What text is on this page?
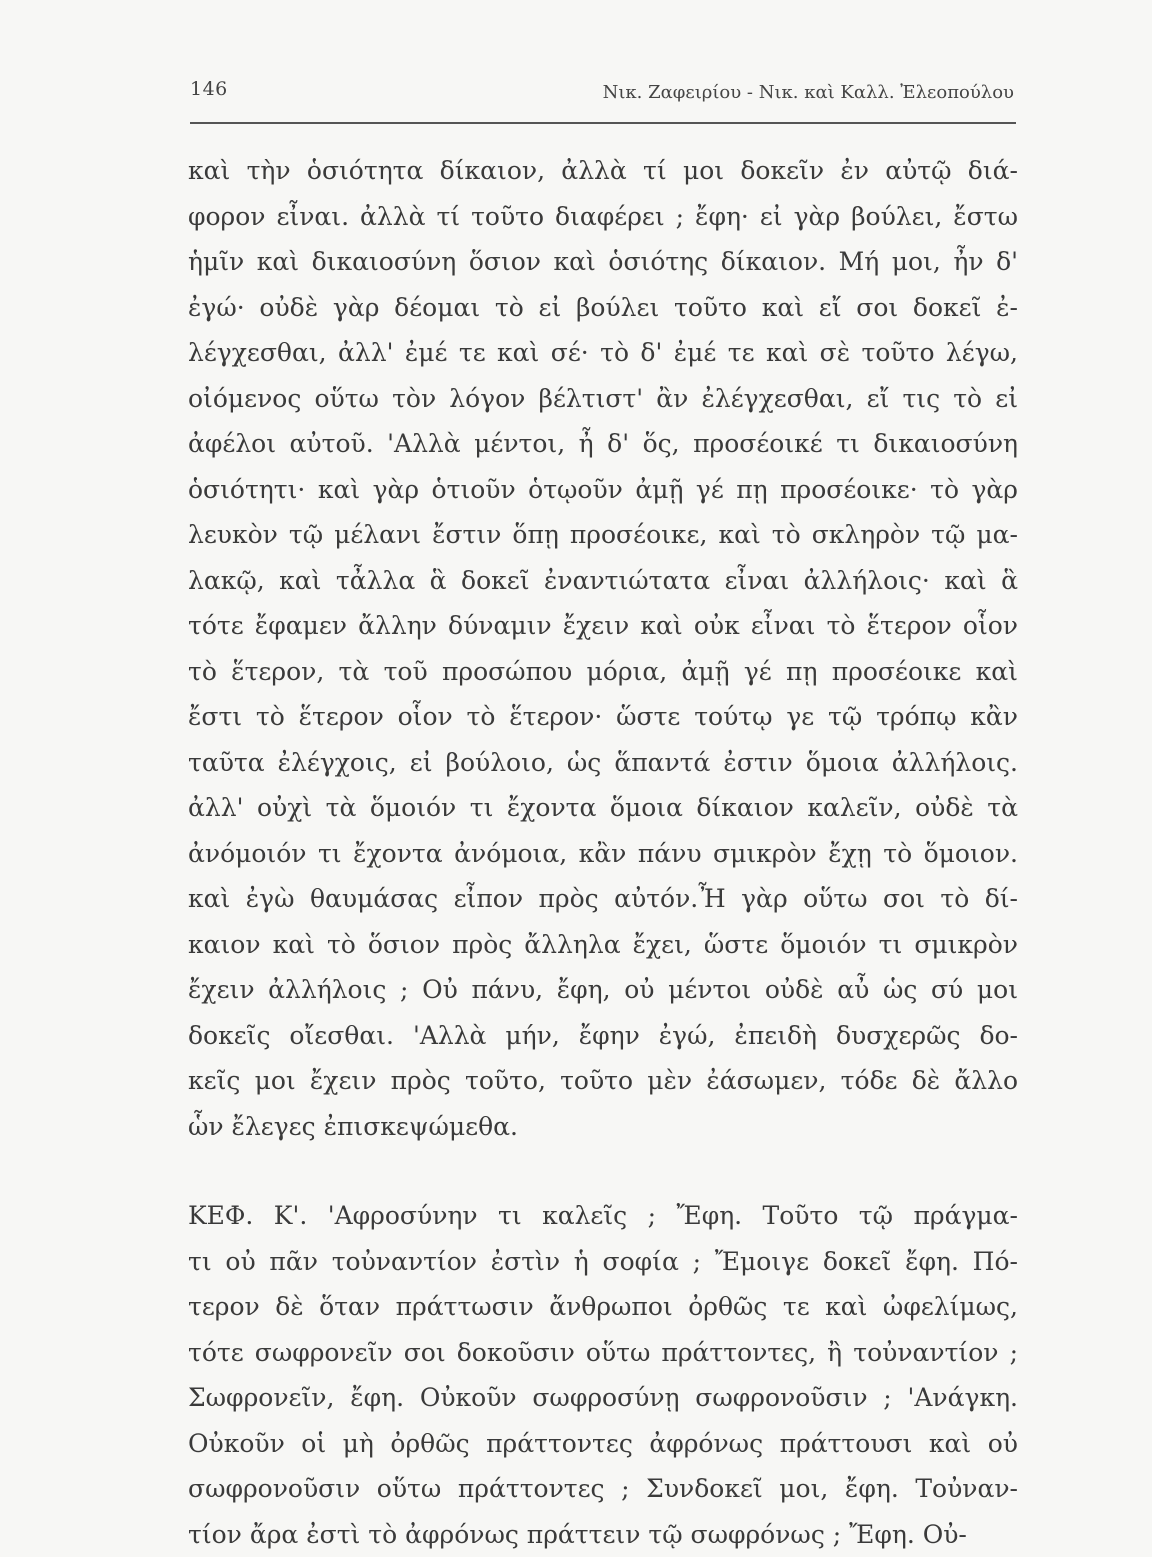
146	Νικ. Ζαφειρίου - Νικ. καὶ Καλλ. Ἐλεοπούλου
καὶ τὴν ὁσιότητα δίκαιον, ἀλλὰ τί μοι δοκεῖν ἐν αὐτῷ διά-
φορον εἶναι. ἀλλὰ τί τοῦτο διαφέρει ; ἔφη· εἰ γὰρ βούλει, ἔστω
ἡμῖν καὶ δικαιοσύνη ὅσιον καὶ ὁσιότης δίκαιον. Μή μοι, ἦν δ'
ἐγώ· οὐδὲ γὰρ δέομαι τὸ εἰ βούλει τοῦτο καὶ εἴ σοι δοκεῖ ἐ-
λέγχεσθαι, ἀλλ' ἐμέ τε καὶ σέ· τὸ δ' ἐμέ τε καὶ σὲ τοῦτο λέγω,
οἰόμενος οὕτω τὸν λόγον βέλτιστ' ἂν ἐλέγχεσθαι, εἴ τις τὸ εἰ
ἀφέλοι αὐτοῦ. 'Αλλὰ μέντοι, ἦ δ' ὅς, προσέοικέ τι δικαιοσύνη
ὁσιότητι· καὶ γὰρ ὁτιοῦν ὁτῳοῦν ἀμῇ γέ πῃ προσέοικε· τὸ γὰρ
λευκὸν τῷ μέλανι ἔστιν ὅπῃ προσέοικε, καὶ τὸ σκληρὸν τῷ μα-
λακῷ, καὶ τἆλλα ἃ δοκεῖ ἐναντιώτατα εἶναι ἀλλήλοις· καὶ ἃ
τότε ἔφαμεν ἄλλην δύναμιν ἔχειν καὶ οὐκ εἶναι τὸ ἕτερον οἷον
τὸ ἕτερον, τὰ τοῦ προσώπου μόρια, ἀμῇ γέ πῃ προσέοικε καὶ
ἔστι τὸ ἕτερον οἷον τὸ ἕτερον· ὥστε τούτῳ γε τῷ τρόπῳ κἂν
ταῦτα ἐλέγχοις, εἰ βούλοιο, ὡς ἅπαντά ἐστιν ὅμοια ἀλλήλοις.
ἀλλ' οὐχὶ τὰ ὅμοιόν τι ἔχοντα ὅμοια δίκαιον καλεῖν, οὐδὲ τὰ
ἀνόμοιόν τι ἔχοντα ἀνόμοια, κἂν πάνυ σμικρὸν ἔχῃ τὸ ὅμοιον.
καὶ ἐγὼ θαυμάσας εἶπον πρὸς αὐτόν.Ἦ γὰρ οὕτω σοι τὸ δί-
καιον καὶ τὸ ὅσιον πρὸς ἄλληλα ἔχει, ὥστε ὅμοιόν τι σμικρὸν
ἔχειν ἀλλήλοις ; Οὐ πάνυ, ἔφη, οὐ μέντοι οὐδὲ αὖ ὡς σύ μοι
δοκεῖς οἴεσθαι. 'Αλλὰ μήν, ἔφην ἐγώ, ἐπειδὴ δυσχερῶς δο-
κεῖς μοι ἔχειν πρὸς τοῦτο, τοῦτο μὲν ἐάσωμεν, τόδε δὲ ἄλλο
ὧν ἔλεγες ἐπισκεψώμεθα.
ΚΕΦ. Κ'. 'Αφροσύνην τι καλεῖς ; Ἔφη. Τοῦτο τῷ πράγμα-
τι οὐ πᾶν τοὐναντίον ἐστὶν ἡ σοφία ; Ἔμοιγε δοκεῖ ἔφη. Πό-
τερον δὲ ὅταν πράττωσιν ἄνθρωποι ὀρθῶς τε καὶ ὠφελίμως,
τότε σωφρονεῖν σοι δοκοῦσιν οὕτω πράττοντες, ἢ τοὐναντίον ;
Σωφρονεῖν, ἔφη. Οὐκοῦν σωφροσύνῃ σωφρονοῦσιν ; 'Ανάγκη.
Οὐκοῦν οἱ μὴ ὀρθῶς πράττοντες ἀφρόνως πράττουσι καὶ οὐ
σωφρονοῦσιν οὕτω πράττοντες ; Συνδοκεῖ μοι, ἔφη. Τοὐναν-
τίον ἄρα ἐστὶ τὸ ἀφρόνως πράττειν τῷ σωφρόνως ; Ἔφη. Οὐ-
